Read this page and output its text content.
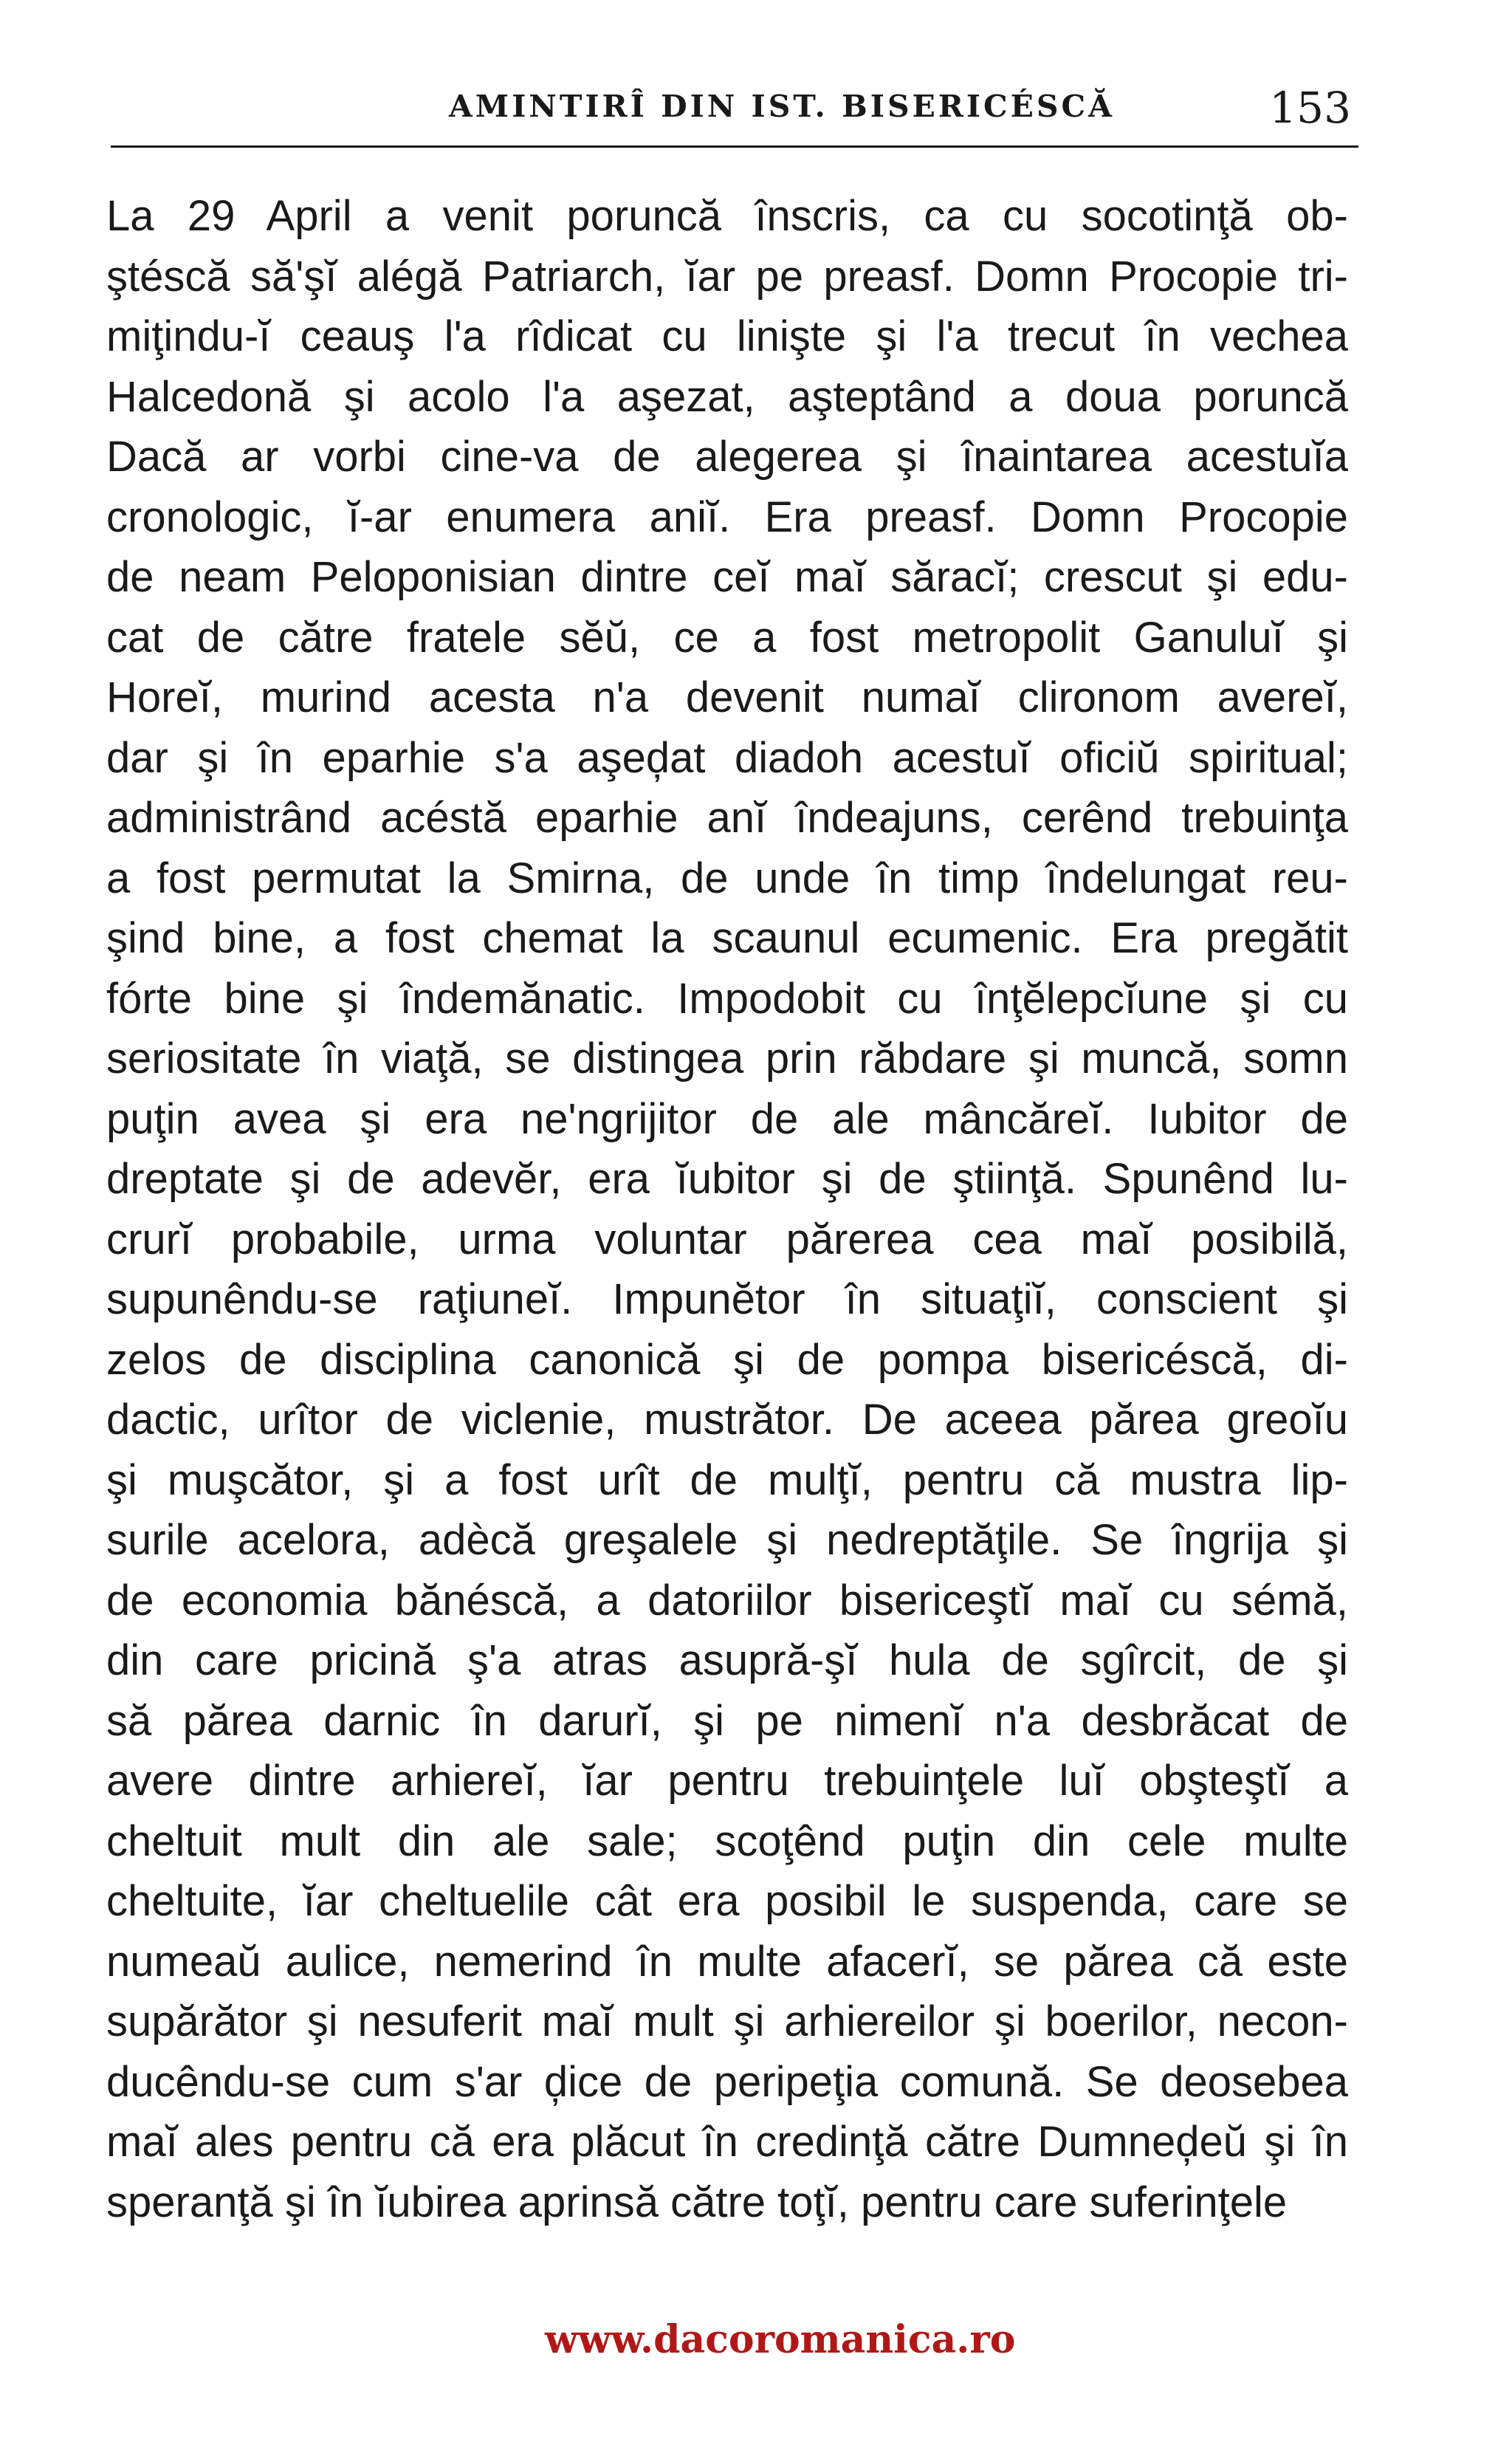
AMINTIRÎ DIN IST. BISERICÉSCĂ	153
La 29 April a venit poruncă înscris, ca cu socotinţă ob-
ştéscă să'şĭ alégă Patriarch, ĭar pe preasf. Domn Procopie tri-
miţindu-ĭ ceauş l'a rîdicat cu linişte şi l'a trecut în vechea
Halcedonă şi acolo l'a aşezat, aşteptând a doua poruncă
Dacă ar vorbi cine-va de alegerea şi înaintarea acestuĭa
cronologic, ĭ-ar enumera aniĭ. Era preasf. Domn Procopie
de neam Peloponisian dintre ceĭ maĭ săracĭ; crescut şi edu-
cat de către fratele sĕŭ, ce a fost metropolit Ganuluĭ şi
Horeĭ, murind acesta n'a devenit numaĭ clironom avereĭ,
dar şi în eparhie s'a aşeḑat diadoh acestuĭ oficiŭ spiritual;
administrând acéstă eparhie anĭ îndeajuns, cerênd trebuinţa
a fost permutat la Smirna, de unde în timp îndelungat reu-
şind bine, a fost chemat la scaunul ecumenic. Era pregătit
fórte bine şi îndemănatic. Impodobit cu înţĕlepcĭune şi cu
seriositate în viaţă, se distingea prin răbdare şi muncă, somn
puţin avea şi era ne'ngrijitor de ale mâncăreĭ. Iubitor de
dreptate şi de adevĕr, era ĭubitor şi de ştiinţă. Spunênd lu-
crurĭ probabile, urma voluntar părerea cea maĭ posibilă,
supunêndu-se raţiuneĭ. Impunĕtor în situaţiĭ, conscient şi
zelos de disciplina canonică şi de pompa bisericéscă, di-
dactic, urîtor de viclenie, mustrător. De aceea părea greoĭu
şi muşcător, şi a fost urît de mulţĭ, pentru că mustra lip-
surile acelora, adècă greşalele şi nedreptăţile. Se îngrija şi
de economia bănéscă, a datoriilor bisericeştĭ maĭ cu sémă,
din care pricină ş'a atras asupră-şĭ hula de sgîrcit, de şi
să părea darnic în darurĭ, şi pe nimenĭ n'a desbrăcat de
avere dintre arhiereĭ, ĭar pentru trebuinţele luĭ obşteştĭ a
cheltuit mult din ale sale; scoţênd puţin din cele multe
cheltuite, ĭar cheltuelile cât era posibil le suspenda, care se
numeaŭ aulice, nemerind în multe afacerĭ, se părea că este
supărător şi nesuferit maĭ mult şi arhiereilor şi boerilor, necon-
ducêndu-se cum s'ar ḑice de peripeţia comună. Se deosebea
maĭ ales pentru că era plăcut în credinţă către Dumneḑeŭ şi în
speranţă şi în ĭubirea aprinsă către toţĭ, pentru care suferinţele
www.dacoromanica.ro
